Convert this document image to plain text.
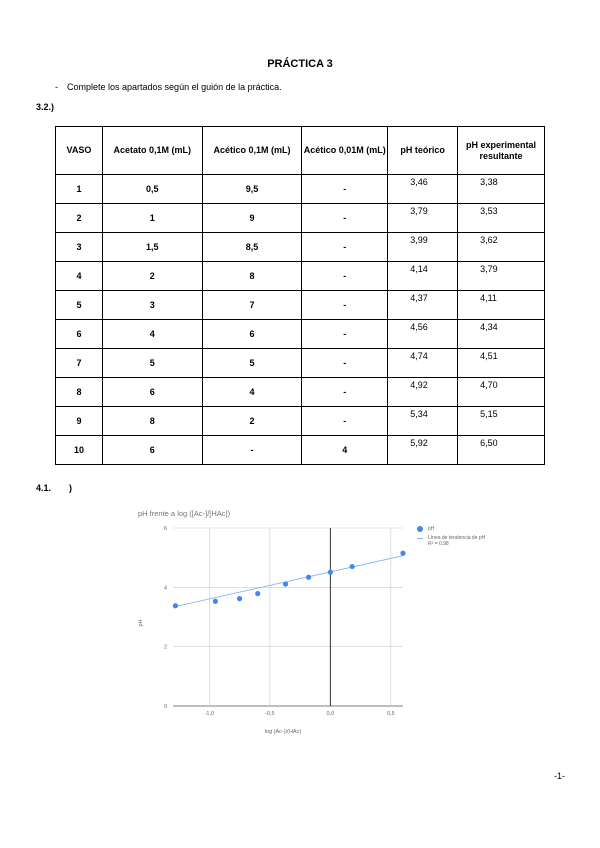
PRÁCTICA 3
- Complete los apartados según el guión de la práctica.
3.2.)
VASO	Acetato 0,1M (mL)	Acético 0,1M (mL)	Acético 0,01M (mL)	pH teórico	pH experimental resultante
1	0,5	9,5	-	3,46	3,38
2	1	9	-	3,79	3,53
3	1,5	8,5	-	3,99	3,62
4	2	8	-	4,14	3,79
5	3	7	-	4,37	4,11
6	4	6	-	4,56	4,34
7	5	5	-	4,74	4,51
8	6	4	-	4,92	4,70
9	8	2	-	5,34	5,15
10	6	-	4	5,92	6,50
4.1. )
pH frente a log ([Ac-]/[HAc])
0
2
4
6
-1,0	-0,5	0,0	0,5
log (Ac-)/(HAc)
pH
pH
Línea de tendencia de pH
R² = 0,98
-1-
